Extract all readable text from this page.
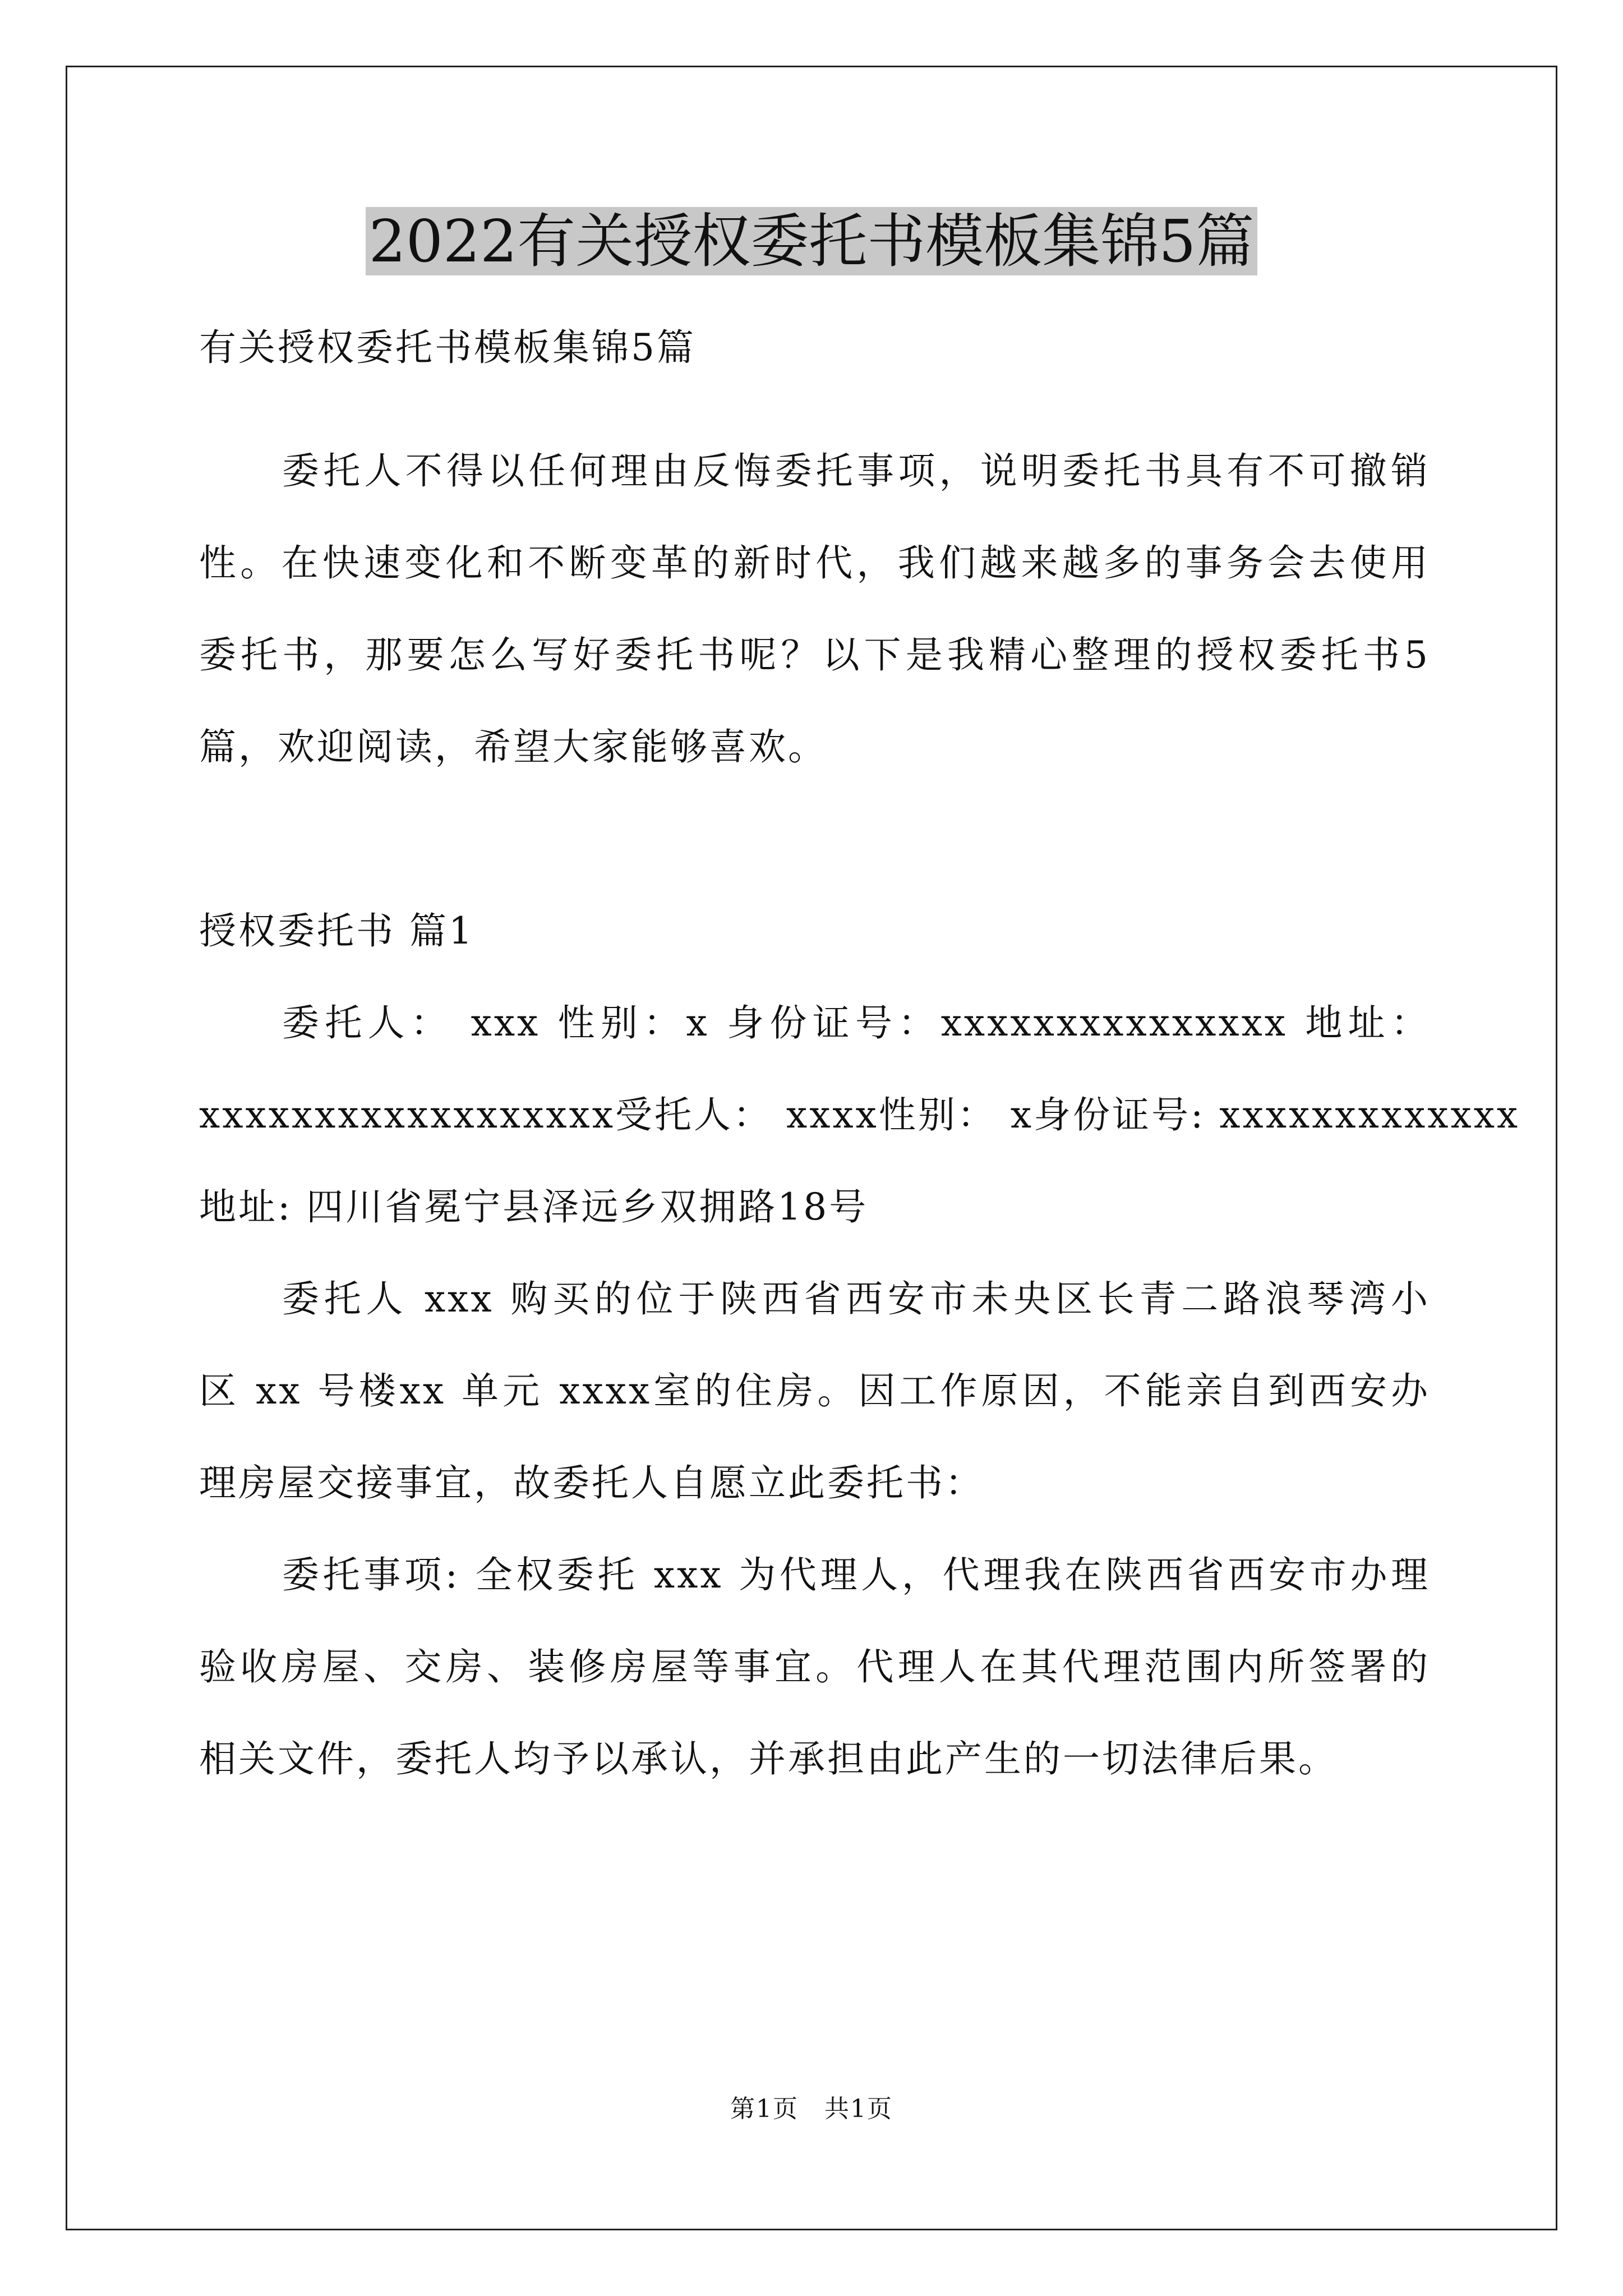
2022有关授权委托书模板集锦5篇
有关授权委托书模板集锦5篇
委托人不得以任何理由反悔委托事项，说明委托书具有不可撤销
性。在快速变化和不断变革的新时代，我们越来越多的事务会去使用
委托书，那要怎么写好委托书呢？以下是我精心整理的授权委托书5
篇，欢迎阅读，希望大家能够喜欢。
授权委托书 篇1
委托人： xxx 性别：x 身份证号：xxxxxxxxxxxxxxx 地址：
xxxxxxxxxxxxxxxxxx受托人： xxxx性别： x身份证号: xxxxxxxxxxxxx
地址: 四川省冕宁县泽远乡双拥路18号
委托人 xxx 购买的位于陕西省西安市未央区长青二路浪琴湾小
区 xx 号楼xx 单元 xxxx室的住房。因工作原因，不能亲自到西安办
理房屋交接事宜，故委托人自愿立此委托书：
委托事项: 全权委托 xxx 为代理人，代理我在陕西省西安市办理
验收房屋、交房、装修房屋等事宜。代理人在其代理范围内所签署的
相关文件，委托人均予以承认，并承担由此产生的一切法律后果。
第1页　共1页
